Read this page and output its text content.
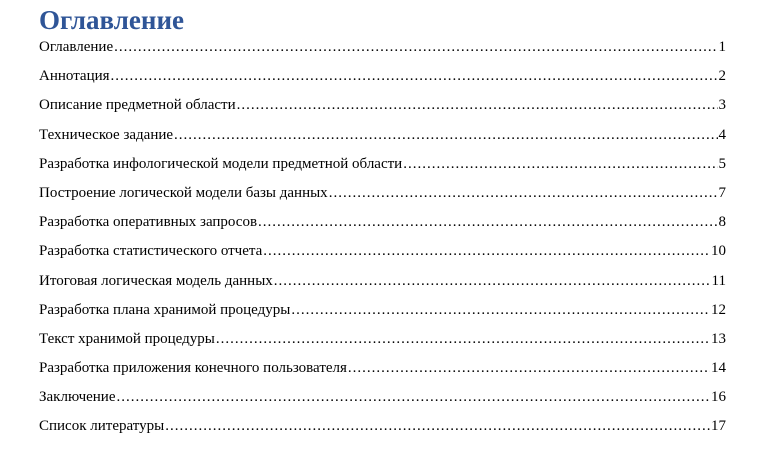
Оглавление
Оглавление .....	1
Аннотация .....	2
Описание предметной области .....	3
Техническое задание .....	4
Разработка инфологической модели предметной области .....	5
Построение логической модели базы данных .....	7
Разработка оперативных запросов .....	8
Разработка статистического отчета .....	10
Итоговая логическая модель данных .....	11
Разработка плана хранимой процедуры .....	12
Текст хранимой процедуры .....	13
Разработка приложения конечного пользователя .....	14
Заключение .....	16
Список литературы .....	17
